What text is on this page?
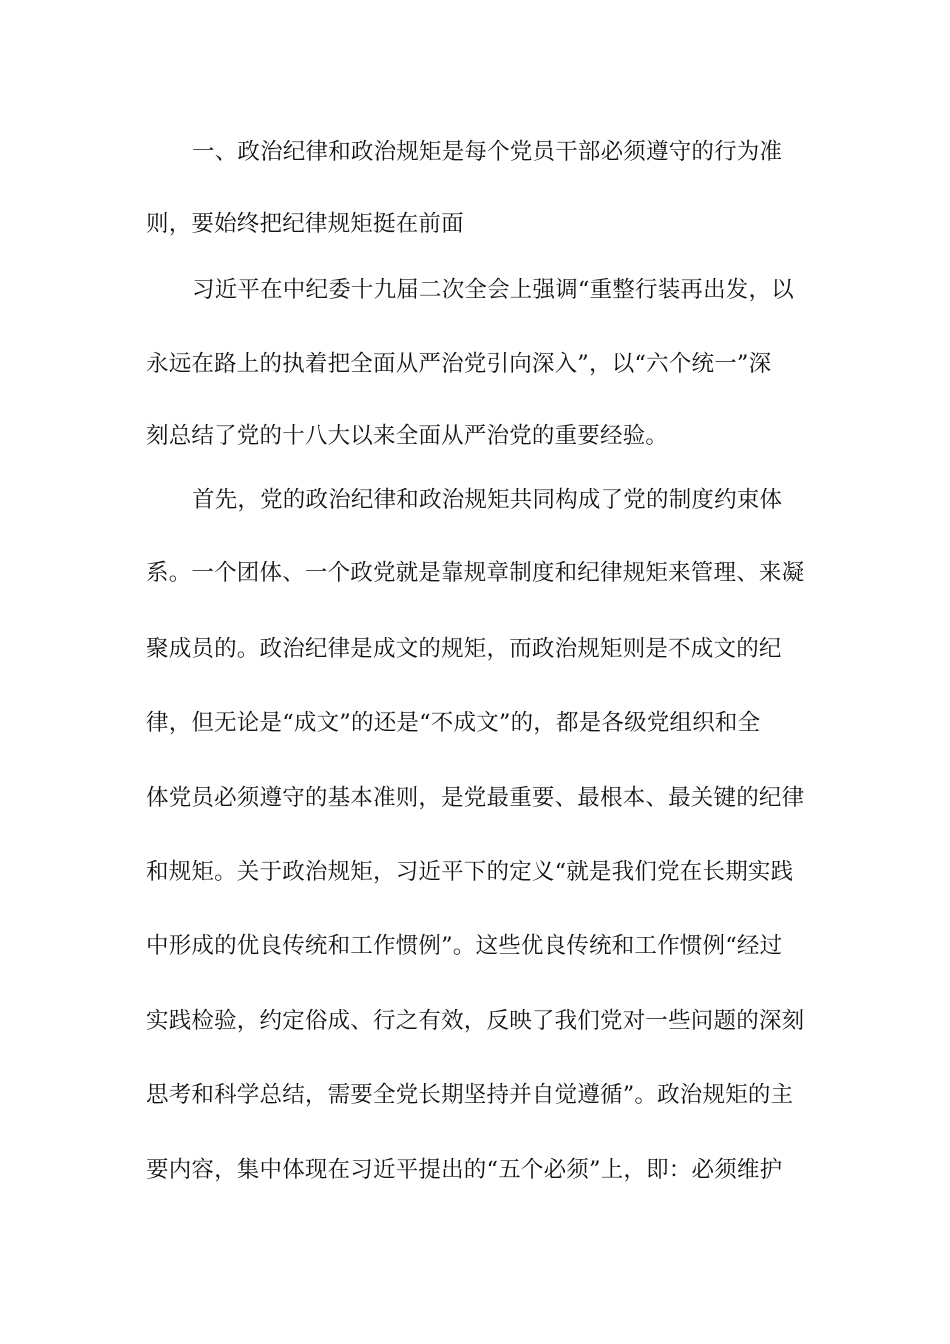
一、政治纪律和政治规矩是每个党员干部必须遵守的行为准
则，要始终把纪律规矩挺在前面
习近平在中纪委十九届二次全会上强调“重整行装再出发，以
永远在路上的执着把全面从严治党引向深入”，以“六个统一”深
刻总结了党的十八大以来全面从严治党的重要经验。
首先，党的政治纪律和政治规矩共同构成了党的制度约束体
系。一个团体、一个政党就是靠规章制度和纪律规矩来管理、来凝
聚成员的。政治纪律是成文的规矩，而政治规矩则是不成文的纪
律，但无论是“成文”的还是“不成文”的，都是各级党组织和全
体党员必须遵守的基本准则，是党最重要、最根本、最关键的纪律
和规矩。关于政治规矩，习近平下的定义“就是我们党在长期实践
中形成的优良传统和工作惯例”。这些优良传统和工作惯例“经过
实践检验，约定俗成、行之有效，反映了我们党对一些问题的深刻
思考和科学总结，需要全党长期坚持并自觉遵循”。政治规矩的主
要内容，集中体现在习近平提出的“五个必须”上，即：必须维护
